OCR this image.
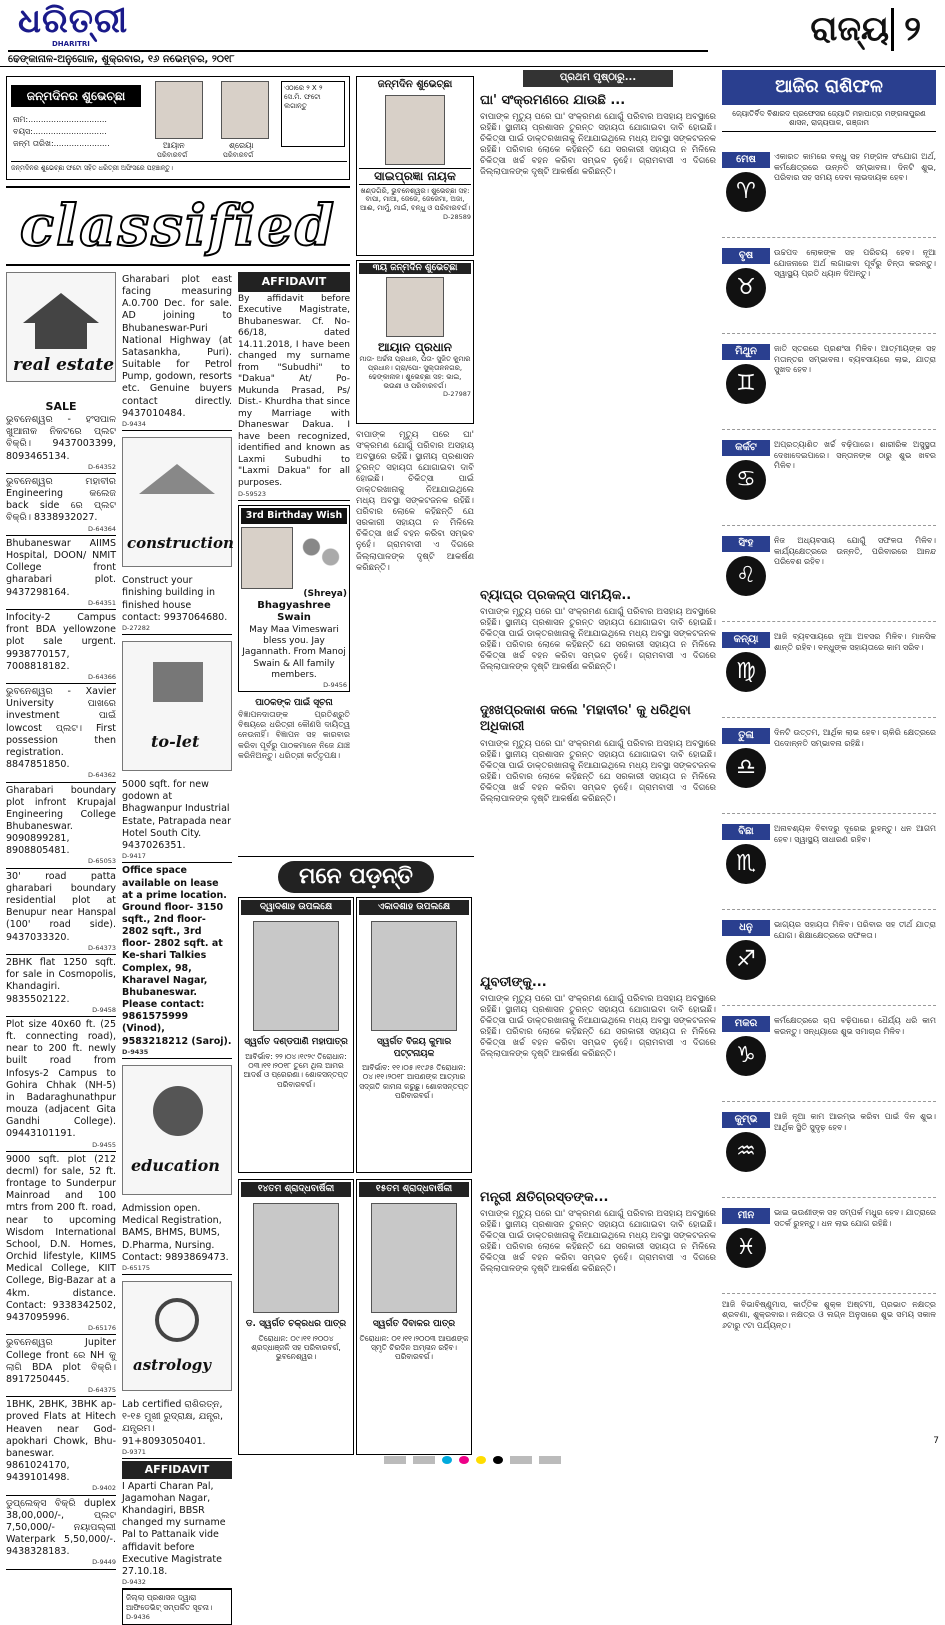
ଧରିତ୍ରୀ
DHARITRI
ଢେଙ୍କାନାଳ-ଅନୁଗୋଳ, ଶୁକ୍ରବାର, ୧୬ ନଭେମ୍ବର, ୨୦୧୮
ରାଜ୍ୟ ୨
ଜନ୍ମଦିନର ଶୁଭେଚ୍ଛା
ନାମ:...............................
ବୟସ:.............................
ଜନ୍ମ ତାରିଖ:......................	ଆୟାନ	ଶ୍ରେୟା
ପରିବାରବର୍ଗ	ପରିବାରବର୍ଗ
ଏଠାରେ ୨ X ୨ ସେ.ମି. ଫଟୋ ଲଗାନ୍ତୁ
ଜନ୍ମଦିନର ଶୁଭେଚ୍ଛା ଫଟୋ ସହିତ ଧରିତ୍ରୀ ଅଫିସରେ ପହଞ୍ଚାନ୍ତୁ।
classified
real estate
SALE
ଭୁବନେଶ୍ୱର - ହଂସପାଳ ଖୁଆନାକ ନିକଟରେ ପ୍ଲଟ ବିକ୍ରି। 9437003399, 8093465134.
D-64352
ଭୁବନେଶ୍ୱର ମହାବୀର Engineering କଲେଜ back side ରେ ପ୍ଲଟ ବିକ୍ରି। 8338932027.
D-64364
Bhubaneswar AIIMS Hospital, DOON/ NMIT College front gharabari plot. 9437298164.
D-64351
Infocity-2 Campus front BDA yellowzone plot sale urgent. 9938770157, 7008818182.
D-64366
ଭୁବନେଶ୍ୱର - Xavier University ପାଖରେ investment ପାଇଁ lowcost ପ୍ଲଟ। First possession then registration. 8847851850.
D-64362
Gharabari boundary plot infront Krupajal Engineering College Bhubaneswar. 9090899281, 8908805481.
D-65053
30' road patta gharabari boundary residential plot at Benupur near Hanspal (100' road side). 9437033320.
D-64373
2BHK flat 1250 sqft. for sale in Cosmopolis, Khandagiri. 9835502122.
D-9458
Plot size 40x60 ft. (25 ft. connecting road), near to 200 ft. newly built road from Infosys-2 Campus to Gohira Chhak (NH-5) in Badaraghunathpur mouza (adjacent Gita Gandhi College). 09443101191.
D-9455
9000 sqft. plot (212 decml) for sale, 52 ft. frontage to Sunderpur Mainroad and 100 mtrs from 200 ft. road, near to upcoming Wisdom International School, D.N. Homes, Orchid lifestyle, KIIMS Medical College, KIIT College, Big-Bazar at a 4km. distance. Contact: 9338342502, 9437095996.
D-65176
ଭୁବନେଶ୍ୱର Jupiter College front ରେ NH କୁ ଲାଗି BDA plot ବିକ୍ରି। 8917250445.
D-64375
1BHK, 2BHK, 3BHK ap-proved Flats at Hitech Heaven near God-apokhari Chowk, Bhu-baneswar. 9861024170, 9439101498.
D-9402
ଡୁପ୍ଲେକ୍ସ ବିକ୍ରି duplex 38,00,000/-, ପ୍ଲଟ 7,50,000/- ନୟାପଲ୍ଲୀ Waterpark 5,50,000/-. 9438328183.
D-9449
Gharabari plot east facing measuring A.0.700 Dec. for sale. AD joining to Bhubaneswar-Puri National Highway (at Satasankha, Puri). Suitable for Petrol Pump, godown, resorts etc. Genuine buyers contact directly. 9437010484.
D-9434
construction
Construct your finishing building in finished house contact: 9937064680.
D-27282
to-let
5000 sqft. for new godown at Bhagwanpur Industrial Estate, Patrapada near Hotel South City. 9437026351.
D-9417
Office space available on lease at a prime location. Ground floor- 3150 sqft., 2nd floor- 2802 sqft., 3rd floor- 2802 sqft. at Ke-shari Talkies Complex, 98, Kharavel Nagar, Bhubaneswar. Please contact: 9861575999 (Vinod), 9583218212 (Saroj).
D-9435
education
Admission open. Medical Registration, BAMS, BHMS, BUMS, D.Pharma, Nursing. Contact: 9893869473.
D-65175
astrology
Lab certified ରାଶିରତ୍ନ, ୧-୧୫ ମୁଖୀ ରୁଦ୍ରାକ୍ଷ, ଯନ୍ତ୍ର, ଯନ୍ତ୍ରମ। 91+8093050401.
D-9371
AFFIDAVIT
I Aparti Charan Pal, Jagamohan Nagar, Khandagiri, BBSR changed my surname Pal to Pattanaik vide affidavit before Executive Magistrate 27.10.18.
D-9432
ଜିଲ୍ଲା ପ୍ରଶାସନ ଦ୍ୱାରା ଆଫିଡେଭିଟ୍ ସମ୍ପର୍କିତ ସୂଚନା।
D-9436
AFFIDAVIT
By affidavit before Executive Magistrate, Bhubaneswar. Cf. No-66/18, dated 14.11.2018, I have been changed my surname from "Subudhi" to "Dakua" At/ Po- Mukunda Prasad, Ps/ Dist.- Khurdha that since my Marriage with Dhaneswar Dakua. I have been recognized, identified and known as Laxmi Subudhi to "Laxmi Dakua" for all purposes.
D-59523
3rd Birthday Wish
(Shreya)
Bhagyashree Swain
May Maa Vimeswari bless you. Jay Jagannath. From Manoj Swain & All family members.
D-9456
ପାଠକଙ୍କ ପାଇଁ ସୂଚନା
ବିଜ୍ଞାପନଦାତାଙ୍କ ପ୍ରତିଶ୍ରୁତି ବିଷୟରେ ଧରିତ୍ରୀ କୌଣସି ଦାୟିତ୍ୱ ନେଉନାହିଁ। ବିଜ୍ଞାପନ ସହ କାରବାର କରିବା ପୂର୍ବରୁ ପାଠକମାନେ ନିଜେ ଯାଞ୍ଚ କରିନିଅନ୍ତୁ। ଧରିତ୍ରୀ କର୍ତ୍ତୃପକ୍ଷ।
ଜନ୍ମଦିନ ଶୁଭେଚ୍ଛା
ସାଇପ୍ରଜ୍ଞା ନାୟକ
ଖଣ୍ଡଗିରି, ଭୁବନେଶ୍ୱର। ଶୁଭେଚ୍ଛା ସହ: ବାପା, ମାଆ, ଜେଜେ, ଜେଜେମା, ଅଜା, ଆଈ, ମାମୁଁ, ମାଇଁ, ବନ୍ଧୁ ଓ ପରିବାରବର୍ଗ।
D-28589
୩ୟ ଜନ୍ମଦିନ ଶୁଭେଚ୍ଛା
ଆୟାନ ପ୍ରଧାନ
ମାତା- ଅର୍ଚ୍ଚନା ପ୍ରଧାନ, ପିତା- ସୁଜିତ କୁମାର ପ୍ରଧାନ। ଗ୍ରା/ପୋ- ସୁଲ୍ତାନନଗର, ଢେଙ୍କାନାଳ। ଶୁଭେଚ୍ଛା ସହ: ଭାଇ, ଭଉଣୀ ଓ ପରିବାରବର୍ଗ।
D-27987
ବାପାଙ୍କ ମୃତ୍ୟୁ ପରେ ଘା' ସଂକ୍ରମଣ ଯୋଗୁଁ ପରିବାର ଅସହାୟ ଅବସ୍ଥାରେ ରହିଛି। ସ୍ଥାନୀୟ ପ୍ରଶାସନ ତୁରନ୍ତ ସହାୟତା ଯୋଗାଇବା ଦାବି ହୋଇଛି। ଚିକିତ୍ସା ପାଇଁ ଡାକ୍ତରଖାନାକୁ ନିଆଯାଇଥିଲେ ମଧ୍ୟ ଅବସ୍ଥା ସଙ୍କଟଜନକ ରହିଛି। ପରିବାର ଲୋକେ କହିଛନ୍ତି ଯେ ସରକାରୀ ସହାୟତା ନ ମିଳିଲେ ଚିକିତ୍ସା ଖର୍ଚ୍ଚ ବହନ କରିବା ସମ୍ଭବ ନୁହେଁ। ଗ୍ରାମବାସୀ ଏ ଦିଗରେ ଜିଲ୍ଲାପାଳଙ୍କ ଦୃଷ୍ଟି ଆକର୍ଷଣ କରିଛନ୍ତି।
ମନେ ପଡ଼ନ୍ତି
ଦ୍ୱାଦଶାହ ଉପଲକ୍ଷେ
ସ୍ୱର୍ଗତ ଦଣ୍ଡପାଣି ମହାପାତ୍ର
ଆବିର୍ଭାବ: ୨୨।୦୪।୧୯୨୯ ତିରୋଧାନ: ୦୩।୧୧।୨୦୧୮ ତୁମେ ଥିଲ ଆମର ଆଦର୍ଶ ଓ ପ୍ରେରଣା। ଶୋକସନ୍ତପ୍ତ ପରିବାରବର୍ଗ।
ଏକାଦଶାହ ଉପଲକ୍ଷେ
ସ୍ୱର୍ଗତ ବିଜୟ କୁମାର ପଟ୍ଟନାୟକ
ଆବିର୍ଭାବ: ୧୧।୦୫।୧୯୬୫ ତିରୋଧାନ: ୦୪।୧୧।୨୦୧୮ ଆପଣଙ୍କ ଆତ୍ମାର ସଦ୍‌ଗତି କାମନା କରୁଛୁ। ଶୋକସନ୍ତପ୍ତ ପରିବାରବର୍ଗ।
୧୪ତମ ଶ୍ରାଦ୍ଧବାର୍ଷିକୀ
ଡ. ସ୍ୱର୍ଗତ ଚକ୍ରଧର ପାତ୍ର
ତିରୋଧାନ: ୦୯।୧୧।୨୦୦୪ ଶ୍ରଦ୍ଧାଞ୍ଜଳି ସହ ପରିବାରବର୍ଗ, ଭୁବନେଶ୍ୱର।
୧୫ତମ ଶ୍ରାଦ୍ଧବାର୍ଷିକୀ
ସ୍ୱର୍ଗତ ଦିବାକର ପାତ୍ର
ତିରୋଧାନ: ୦୧।୧୧।୨୦୦୩ ଆପଣଙ୍କ ସ୍ମୃତି ଚିରଦିନ ଅମ୍ଳାନ ରହିବ। ପରିବାରବର୍ଗ।
ପ୍ରଥମ ପୃଷ୍ଠାରୁ...
ଘା' ସଂକ୍ରମଣରେ ଯାଉଛି ...
ବାପାଙ୍କ ମୃତ୍ୟୁ ପରେ ଘା' ସଂକ୍ରମଣ ଯୋଗୁଁ ପରିବାର ଅସହାୟ ଅବସ୍ଥାରେ ରହିଛି। ସ୍ଥାନୀୟ ପ୍ରଶାସନ ତୁରନ୍ତ ସହାୟତା ଯୋଗାଇବା ଦାବି ହୋଇଛି। ଚିକିତ୍ସା ପାଇଁ ଡାକ୍ତରଖାନାକୁ ନିଆଯାଇଥିଲେ ମଧ୍ୟ ଅବସ୍ଥା ସଙ୍କଟଜନକ ରହିଛି। ପରିବାର ଲୋକେ କହିଛନ୍ତି ଯେ ସରକାରୀ ସହାୟତା ନ ମିଳିଲେ ଚିକିତ୍ସା ଖର୍ଚ୍ଚ ବହନ କରିବା ସମ୍ଭବ ନୁହେଁ। ଗ୍ରାମବାସୀ ଏ ଦିଗରେ ଜିଲ୍ଲାପାଳଙ୍କ ଦୃଷ୍ଟି ଆକର୍ଷଣ କରିଛନ୍ତି।
ବ୍ୟାଘ୍ର ପ୍ରକଳ୍ପ ସାମୟିକ..
ବାପାଙ୍କ ମୃତ୍ୟୁ ପରେ ଘା' ସଂକ୍ରମଣ ଯୋଗୁଁ ପରିବାର ଅସହାୟ ଅବସ୍ଥାରେ ରହିଛି। ସ୍ଥାନୀୟ ପ୍ରଶାସନ ତୁରନ୍ତ ସହାୟତା ଯୋଗାଇବା ଦାବି ହୋଇଛି। ଚିକିତ୍ସା ପାଇଁ ଡାକ୍ତରଖାନାକୁ ନିଆଯାଇଥିଲେ ମଧ୍ୟ ଅବସ୍ଥା ସଙ୍କଟଜନକ ରହିଛି। ପରିବାର ଲୋକେ କହିଛନ୍ତି ଯେ ସରକାରୀ ସହାୟତା ନ ମିଳିଲେ ଚିକିତ୍ସା ଖର୍ଚ୍ଚ ବହନ କରିବା ସମ୍ଭବ ନୁହେଁ। ଗ୍ରାମବାସୀ ଏ ଦିଗରେ ଜିଲ୍ଲାପାଳଙ୍କ ଦୃଷ୍ଟି ଆକର୍ଷଣ କରିଛନ୍ତି।
ଦୁଃଖପ୍ରକାଶ କଲେ 'ମହାବୀର' କୁ ଧରିଥିବା ଅଧିକାରୀ
ବାପାଙ୍କ ମୃତ୍ୟୁ ପରେ ଘା' ସଂକ୍ରମଣ ଯୋଗୁଁ ପରିବାର ଅସହାୟ ଅବସ୍ଥାରେ ରହିଛି। ସ୍ଥାନୀୟ ପ୍ରଶାସନ ତୁରନ୍ତ ସହାୟତା ଯୋଗାଇବା ଦାବି ହୋଇଛି। ଚିକିତ୍ସା ପାଇଁ ଡାକ୍ତରଖାନାକୁ ନିଆଯାଇଥିଲେ ମଧ୍ୟ ଅବସ୍ଥା ସଙ୍କଟଜନକ ରହିଛି। ପରିବାର ଲୋକେ କହିଛନ୍ତି ଯେ ସରକାରୀ ସହାୟତା ନ ମିଳିଲେ ଚିକିତ୍ସା ଖର୍ଚ୍ଚ ବହନ କରିବା ସମ୍ଭବ ନୁହେଁ। ଗ୍ରାମବାସୀ ଏ ଦିଗରେ ଜିଲ୍ଲାପାଳଙ୍କ ଦୃଷ୍ଟି ଆକର୍ଷଣ କରିଛନ୍ତି।
ଯୁବତୀଙ୍କୁ...
ବାପାଙ୍କ ମୃତ୍ୟୁ ପରେ ଘା' ସଂକ୍ରମଣ ଯୋଗୁଁ ପରିବାର ଅସହାୟ ଅବସ୍ଥାରେ ରହିଛି। ସ୍ଥାନୀୟ ପ୍ରଶାସନ ତୁରନ୍ତ ସହାୟତା ଯୋଗାଇବା ଦାବି ହୋଇଛି। ଚିକିତ୍ସା ପାଇଁ ଡାକ୍ତରଖାନାକୁ ନିଆଯାଇଥିଲେ ମଧ୍ୟ ଅବସ୍ଥା ସଙ୍କଟଜନକ ରହିଛି। ପରିବାର ଲୋକେ କହିଛନ୍ତି ଯେ ସରକାରୀ ସହାୟତା ନ ମିଳିଲେ ଚିକିତ୍ସା ଖର୍ଚ୍ଚ ବହନ କରିବା ସମ୍ଭବ ନୁହେଁ। ଗ୍ରାମବାସୀ ଏ ଦିଗରେ ଜିଲ୍ଲାପାଳଙ୍କ ଦୃଷ୍ଟି ଆକର୍ଷଣ କରିଛନ୍ତି।
ମନ୍ତ୍ରୀ କ୍ଷତିଗ୍ରସ୍ତଙ୍କ...
ବାପାଙ୍କ ମୃତ୍ୟୁ ପରେ ଘା' ସଂକ୍ରମଣ ଯୋଗୁଁ ପରିବାର ଅସହାୟ ଅବସ୍ଥାରେ ରହିଛି। ସ୍ଥାନୀୟ ପ୍ରଶାସନ ତୁରନ୍ତ ସହାୟତା ଯୋଗାଇବା ଦାବି ହୋଇଛି। ଚିକିତ୍ସା ପାଇଁ ଡାକ୍ତରଖାନାକୁ ନିଆଯାଇଥିଲେ ମଧ୍ୟ ଅବସ୍ଥା ସଙ୍କଟଜନକ ରହିଛି। ପରିବାର ଲୋକେ କହିଛନ୍ତି ଯେ ସରକାରୀ ସହାୟତା ନ ମିଳିଲେ ଚିକିତ୍ସା ଖର୍ଚ୍ଚ ବହନ କରିବା ସମ୍ଭବ ନୁହେଁ। ଗ୍ରାମବାସୀ ଏ ଦିଗରେ ଜିଲ୍ଲାପାଳଙ୍କ ଦୃଷ୍ଟି ଆକର୍ଷଣ କରିଛନ୍ତି।
ଆଜିର ରାଶିଫଳ
ଜ୍ୟୋତିର୍ବିଦ ବିଶାରଦ ପ୍ରଫେସର ଜ୍ୟୋତି ମହାପାତ୍ର ମଙ୍ଗଳାପୁରଣ ଶାସନ, ରାଜ୍ୟପାଳ, ଗଞ୍ଜାମ
ମେଷ
♈
ଏକାରତ କାମରେ ବନ୍ଧୁ ସହ ମଙ୍ଗଳ ସଂଯୋଗ ଅର୍ଥ, କର୍ମକ୍ଷେତ୍ରରେ ଉନ୍ନତି ସମ୍ଭାବନା। ଦିନଟି ଶୁଭ, ପରିବାର ସହ ସମୟ ଦେବା ଲାଭଦାୟକ ହେବ।
ବୃଷ
♉
ଉଚ୍ଚପଦ ଲୋକଙ୍କ ସହ ପରିଚୟ ହେବ। ନୂଆ ଯୋଜନାରେ ଅର୍ଥ ଲଗାଇବା ପୂର୍ବରୁ ଚିନ୍ତା କରନ୍ତୁ। ସ୍ୱାସ୍ଥ୍ୟ ପ୍ରତି ଧ୍ୟାନ ଦିଅନ୍ତୁ।
ମିଥୁନ
♊
ଜାତି ସ୍ତରରେ ପ୍ରଶଂସା ମିଳିବ। ଆତ୍ମୀୟଙ୍କ ସହ ମତାନ୍ତର ସମ୍ଭାବନା। ବ୍ୟବସାୟରେ ଲାଭ, ଯାତ୍ରା ସୁଖଦ ହେବ।
କର୍କଟ
♋
ଅପ୍ରତ୍ୟାଶିତ ଖର୍ଚ୍ଚ ବଢ଼ିପାରେ। ଶାରୀରିକ ଅସୁସ୍ଥତା ଦେଖାଦେଇପାରେ। ସନ୍ତାନଙ୍କ ଠାରୁ ଶୁଭ ଖବର ମିଳିବ।
ସିଂହ
♌
ନିଜ ଅଧ୍ୟବସାୟ ଯୋଗୁଁ ସଫଳତା ମିଳିବ। କାର୍ଯ୍ୟକ୍ଷେତ୍ରରେ ଉନ୍ନତି, ପରିବାରରେ ଆନନ୍ଦ ପରିବେଶ ରହିବ।
କନ୍ୟା
♍
ଆଜି ବ୍ୟବସାୟରେ ନୂଆ ଅବସର ମିଳିବ। ମାନସିକ ଶାନ୍ତି ରହିବ। ବନ୍ଧୁଙ୍କ ସହାୟତାରେ କାମ ସରିବ।
ତୁଳା
♎
ଦିନଟି ଉତ୍ତମ, ଆର୍ଥିକ ଲାଭ ହେବ। ଚାକିରି କ୍ଷେତ୍ରରେ ପଦୋନ୍ନତି ସମ୍ଭାବନା ରହିଛି।
ବିଛା
♏
ଅନାବଶ୍ୟକ ବିବାଦରୁ ଦୂରେଇ ରୁହନ୍ତୁ। ଧନ ଆଗମ ହେବ। ସ୍ୱାସ୍ଥ୍ୟ ସାଧାରଣ ରହିବ।
ଧନୁ
♐
ଭାଗ୍ୟର ସହାୟତା ମିଳିବ। ପରିବାର ସହ ତୀର୍ଥ ଯାତ୍ରା ଯୋଗ। ଶିକ୍ଷାକ୍ଷେତ୍ରରେ ସଫଳତା।
ମକର
♑
କର୍ମକ୍ଷେତ୍ରରେ ଚାପ ବଢ଼ିପାରେ। ଧୈର୍ଯ୍ୟ ଧରି କାମ କରନ୍ତୁ। ସନ୍ଧ୍ୟାରେ ଶୁଭ ସମାଚାର ମିଳିବ।
କୁମ୍ଭ
♒
ଆଜି ନୂଆ କାମ ଆରମ୍ଭ କରିବା ପାଇଁ ଦିନ ଶୁଭ। ଆର୍ଥିକ ସ୍ଥିତି ସୁଦୃଢ଼ ହେବ।
ମୀନ
♓
ଭାଇ ଭଉଣୀଙ୍କ ସହ ସମ୍ପର୍କ ମଧୁର ହେବ। ଯାତ୍ରାରେ ସତର୍କ ରୁହନ୍ତୁ। ଧନ ଲାଭ ଯୋଗ ରହିଛି।
ଆଜି ବିଭାବିଷ୍ଣୁମାସ, କାର୍ତ୍ତିକ ଶୁକ୍ଳ ଅଷ୍ଟମୀ, ପ୍ରଭାତ ନକ୍ଷତ୍ର ଶ୍ରବଣା, ଶୁକ୍ରବାର। ନକ୍ଷତ୍ର ଓ ଲଗ୍ନ ଅନୁସାରେ ଶୁଭ ସମୟ ସକାଳ ୬ଟାରୁ ୯ଟା ପର୍ଯ୍ୟନ୍ତ।
7
